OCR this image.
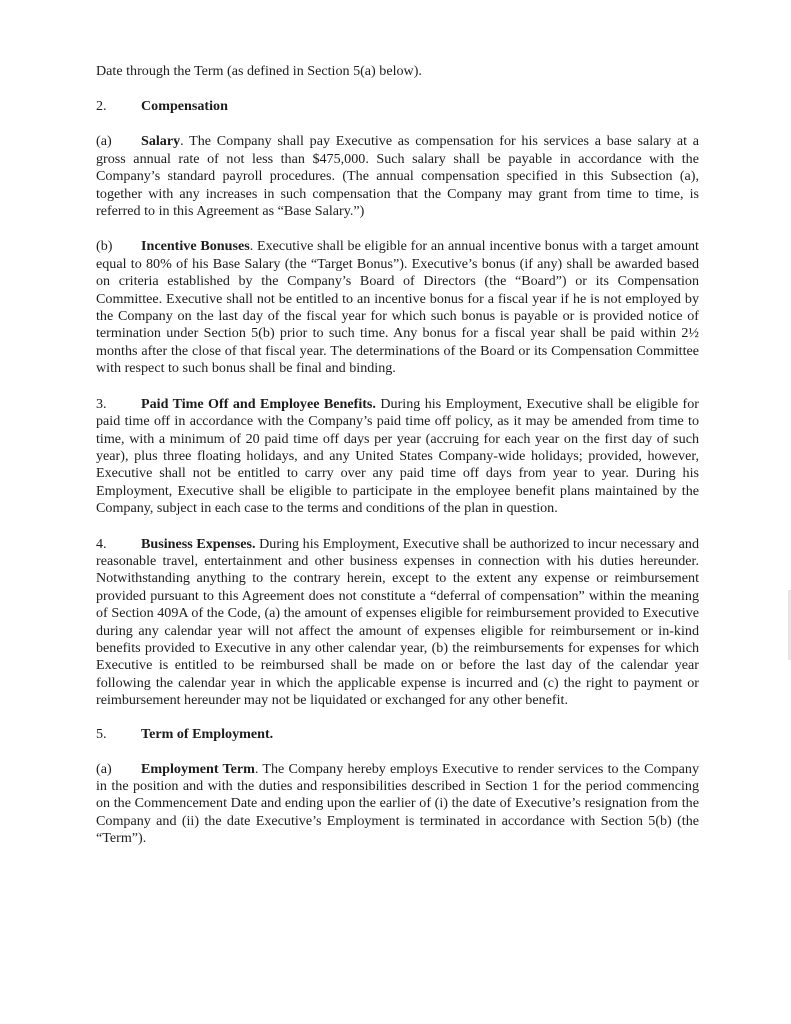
Date through the Term (as defined in Section 5(a) below).

2. Compensation

(a) Salary. The Company shall pay Executive as compensation for his services a base salary at a gross annual rate of not less than $475,000. Such salary shall be payable in accordance with the Company’s standard payroll procedures. (The annual compensation specified in this Subsection (a), together with any increases in such compensation that the Company may grant from time to time, is referred to in this Agreement as “Base Salary.”)

(b) Incentive Bonuses. Executive shall be eligible for an annual incentive bonus with a target amount equal to 80% of his Base Salary (the “Target Bonus”). Executive’s bonus (if any) shall be awarded based on criteria established by the Company’s Board of Directors (the “Board”) or its Compensation Committee. Executive shall not be entitled to an incentive bonus for a fiscal year if he is not employed by the Company on the last day of the fiscal year for which such bonus is payable or is provided notice of termination under Section 5(b) prior to such time. Any bonus for a fiscal year shall be paid within 2½ months after the close of that fiscal year. The determinations of the Board or its Compensation Committee with respect to such bonus shall be final and binding.

3. Paid Time Off and Employee Benefits. During his Employment, Executive shall be eligible for paid time off in accordance with the Company’s paid time off policy, as it may be amended from time to time, with a minimum of 20 paid time off days per year (accruing for each year on the first day of such year), plus three floating holidays, and any United States Company-wide holidays; provided, however, Executive shall not be entitled to carry over any paid time off days from year to year. During his Employment, Executive shall be eligible to participate in the employee benefit plans maintained by the Company, subject in each case to the terms and conditions of the plan in question.

4. Business Expenses. During his Employment, Executive shall be authorized to incur necessary and reasonable travel, entertainment and other business expenses in connection with his duties hereunder. Notwithstanding anything to the contrary herein, except to the extent any expense or reimbursement provided pursuant to this Agreement does not constitute a “deferral of compensation” within the meaning of Section 409A of the Code, (a) the amount of expenses eligible for reimbursement provided to Executive during any calendar year will not affect the amount of expenses eligible for reimbursement or in-kind benefits provided to Executive in any other calendar year, (b) the reimbursements for expenses for which Executive is entitled to be reimbursed shall be made on or before the last day of the calendar year following the calendar year in which the applicable expense is incurred and (c) the right to payment or reimbursement hereunder may not be liquidated or exchanged for any other benefit.

5. Term of Employment.

(a) Employment Term. The Company hereby employs Executive to render services to the Company in the position and with the duties and responsibilities described in Section 1 for the period commencing on the Commencement Date and ending upon the earlier of (i) the date of Executive’s resignation from the Company and (ii) the date Executive’s Employment is terminated in accordance with Section 5(b) (the “Term”).
